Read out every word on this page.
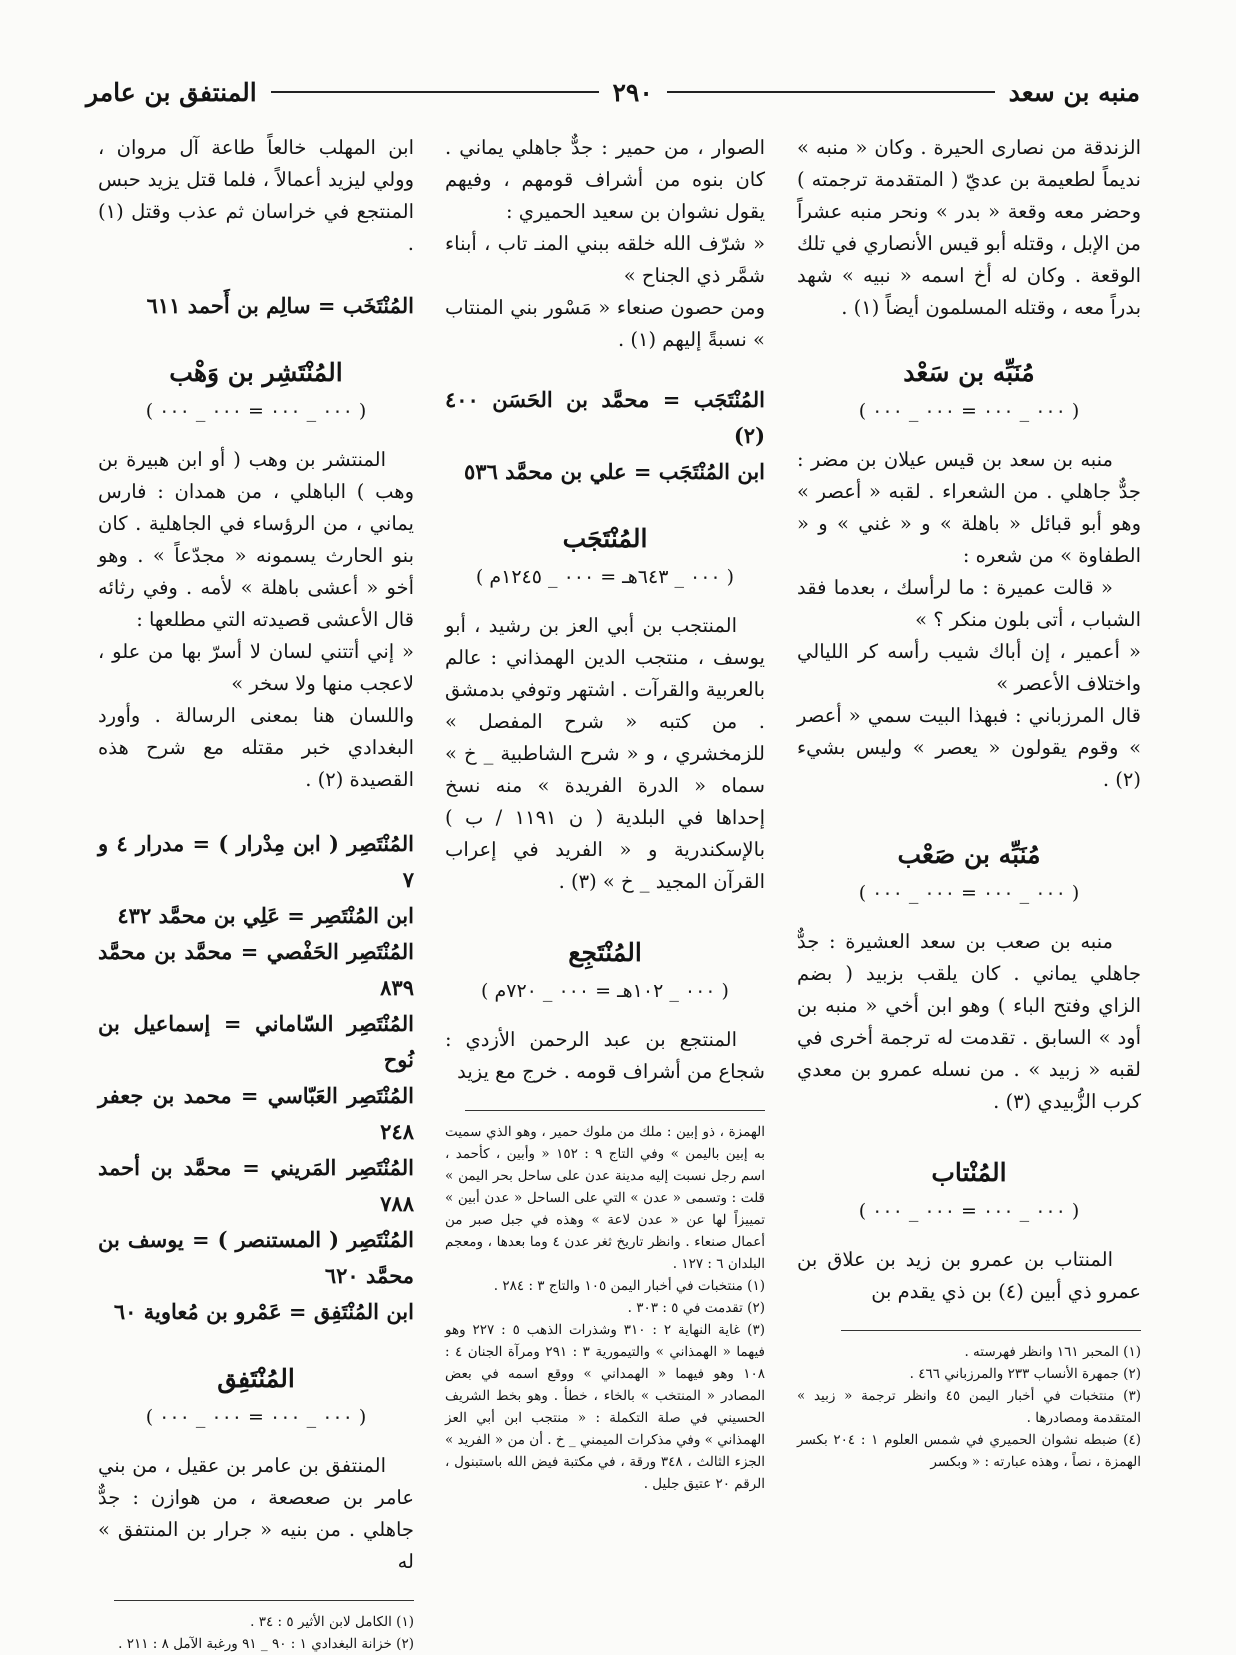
منبه بن سعد
٢٩٠
المنتفق بن عامر

الزندقة من نصارى الحيرة . وكان « منبه » نديماً لطعيمة بن عديّ ( المتقدمة ترجمته ) وحضر معه وقعة « بدر » ونحر منبه عشراً من الإبل ، وقتله أبو قيس الأنصاري في تلك الوقعة . وكان له أخ اسمه « نبيه » شهد بدراً معه ، وقتله المسلمون أيضاً (١) .

مُنَبِّه بن سَعْد
( ٠٠٠ _ ٠٠٠ = ٠٠٠ _ ٠٠٠ )

منبه بن سعد بن قيس عيلان بن مضر : جدٌّ جاهلي . من الشعراء . لقبه « أعصر » وهو أبو قبائل « باهلة » و « غني » و « الطفاوة » من شعره :

« قالت عميرة : ما لرأسك ، بعدما فقد الشباب ، أتى بلون منكر ؟ »

« أعمير ، إن أباك شيب رأسه كر الليالي واختلاف الأعصر »

قال المرزباني : فبهذا البيت سمي « أعصر » وقوم يقولون « يعصر » وليس بشيء (٢) .

مُنَبِّه بن صَعْب
( ٠٠٠ _ ٠٠٠ = ٠٠٠ _ ٠٠٠ )

منبه بن صعب بن سعد العشيرة : جدٌّ جاهلي يماني . كان يلقب بزبيد ( بضم الزاي وفتح الباء ) وهو ابن أخي « منبه بن أود » السابق . تقدمت له ترجمة أخرى في لقبه « زبيد » . من نسله عمرو بن معدي كرب الزُّبيدي (٣) .

المُنْتاب
( ٠٠٠ _ ٠٠٠ = ٠٠٠ _ ٠٠٠ )

المنتاب بن عمرو بن زيد بن علاق بن عمرو ذي أبين (٤) بن ذي يقدم بن

(١) المحبر ١٦١ وانظر فهرسته .

(٢) جمهرة الأنساب ٢٣٣ والمرزباني ٤٦٦ .

(٣) منتخبات في أخبار اليمن ٤٥ وانظر ترجمة « زبيد » المتقدمة ومصادرها .

(٤) ضبطه نشوان الحميري في شمس العلوم ١ : ٢٠٤ بكسر الهمزة ، نصاً ، وهذه عبارته : « وبكسر

الصوار ، من حمير : جدٌّ جاهلي يماني . كان بنوه من أشراف قومهم ، وفيهم يقول نشوان بن سعيد الحميري :

« شرّف الله خلقه ببني المنـ تاب ، أبناء شمَّر ذي الجناح »

ومن حصون صنعاء « مَسْور بني المنتاب » نسبةً إليهم (١) .

المُنْتَجَب = محمَّد بن الحَسَن ٤٠٠ (٢)

ابن المُنْتَجَب = علي بن محمَّد ٥٣٦

المُنْتَجَب
( ٠٠٠ _ ٦٤٣هـ = ٠٠٠ _ ١٢٤٥م )

المنتجب بن أبي العز بن رشيد ، أبو يوسف ، منتجب الدين الهمذاني : عالم بالعربية والقرآت . اشتهر وتوفي بدمشق . من كتبه « شرح المفصل » للزمخشري ، و « شرح الشاطبية _ خ » سماه « الدرة الفريدة » منه نسخ إحداها في البلدية ( ن ١١٩١ / ب ) بالإسكندرية و « الفريد في إعراب القرآن المجيد _ خ » (٣) .

المُنْتَجِع
( ٠٠٠ _ ١٠٢هـ = ٠٠٠ _ ٧٢٠م )

المنتجع بن عبد الرحمن الأزدي : شجاع من أشراف قومه . خرج مع يزيد

الهمزة ، ذو إبين : ملك من ملوك حمير ، وهو الذي سميت به إبين باليمن » وفي التاج ٩ : ١٥٢ « وأبين ، كأحمد ، اسم رجل نسبت إليه مدينة عدن على ساحل بحر اليمن » قلت : وتسمى « عدن » التي على الساحل « عدن أبين » تمييزاً لها عن « عدن لاعة » وهذه في جبل صبر من أعمال صنعاء . وانظر تاريخ ثغر عدن ٤ وما بعدها ، ومعجم البلدان ٦ : ١٢٧ .

(١) منتخبات في أخبار اليمن ١٠٥ والتاج ٣ : ٢٨٤ .

(٢) تقدمت في ٥ : ٣٠٣ .

(٣) غاية النهاية ٢ : ٣١٠ وشذرات الذهب ٥ : ٢٢٧ وهو فيهما « الهمذاني » والتيمورية ٣ : ٢٩١ ومرآة الجنان ٤ : ١٠٨ وهو فيهما « الهمداني » ووقع اسمه في بعض المصادر « المنتخب » بالخاء ، خطأ . وهو بخط الشريف الحسيني في صلة التكملة : « منتجب ابن أبي العز الهمذاني » وفي مذكرات الميمني _ خ . أن من « الفريد » الجزء الثالث ، ٣٤٨ ورقة ، في مكتبة فيض الله باستبنول ، الرقم ٢٠ عتيق جليل .

ابن المهلب خالعاً طاعة آل مروان ، وولي ليزيد أعمالاً ، فلما قتل يزيد حبس المنتجع في خراسان ثم عذب وقتل (١) .

المُنْتَخَب = سالِم بن أَحمد ٦١١

المُنْتَشِر بن وَهْب
( ٠٠٠ _ ٠٠٠ = ٠٠٠ _ ٠٠٠ )

المنتشر بن وهب ( أو ابن هبيرة بن وهب ) الباهلي ، من همدان : فارس يماني ، من الرؤساء في الجاهلية . كان بنو الحارث يسمونه « مجدّعاً » . وهو أخو « أعشى باهلة » لأمه . وفي رثائه قال الأعشى قصيدته التي مطلعها :

« إني أتتني لسان لا أسرّ بها من علو ، لاعجب منها ولا سخر »

واللسان هنا بمعنى الرسالة . وأورد البغدادي خبر مقتله مع شرح هذه القصيدة (٢) .

المُنْتَصِر ( ابن مِدْرار ) = مدرار ٤ و ٧

ابن المُنْتَصِر = عَلِي بن محمَّد ٤٣٢

المُنْتَصِر الحَفْصي = محمَّد بن محمَّد ٨٣٩

المُنْتَصِر السّاماني = إسماعيل بن نُوح

المُنْتَصِر العَبّاسي = محمد بن جعفر ٢٤٨

المُنْتَصِر المَريني = محمَّد بن أحمد ٧٨٨

المُنْتَصِر ( المستنصر ) = يوسف بن محمَّد ٦٢٠

ابن المُنْتَفِق = عَمْرو بن مُعاوية ٦٠

المُنْتَفِق
( ٠٠٠ _ ٠٠٠ = ٠٠٠ _ ٠٠٠ )

المنتفق بن عامر بن عقيل ، من بني عامر بن صعصعة ، من هوازن : جدٌّ جاهلي . من بنيه « جرار بن المنتفق » له

(١) الكامل لابن الأثير ٥ : ٣٤ .

(٢) خزانة البغدادي ١ : ٩٠ _ ٩١ ورغبة الآمل ٨ : ٢١١ .
